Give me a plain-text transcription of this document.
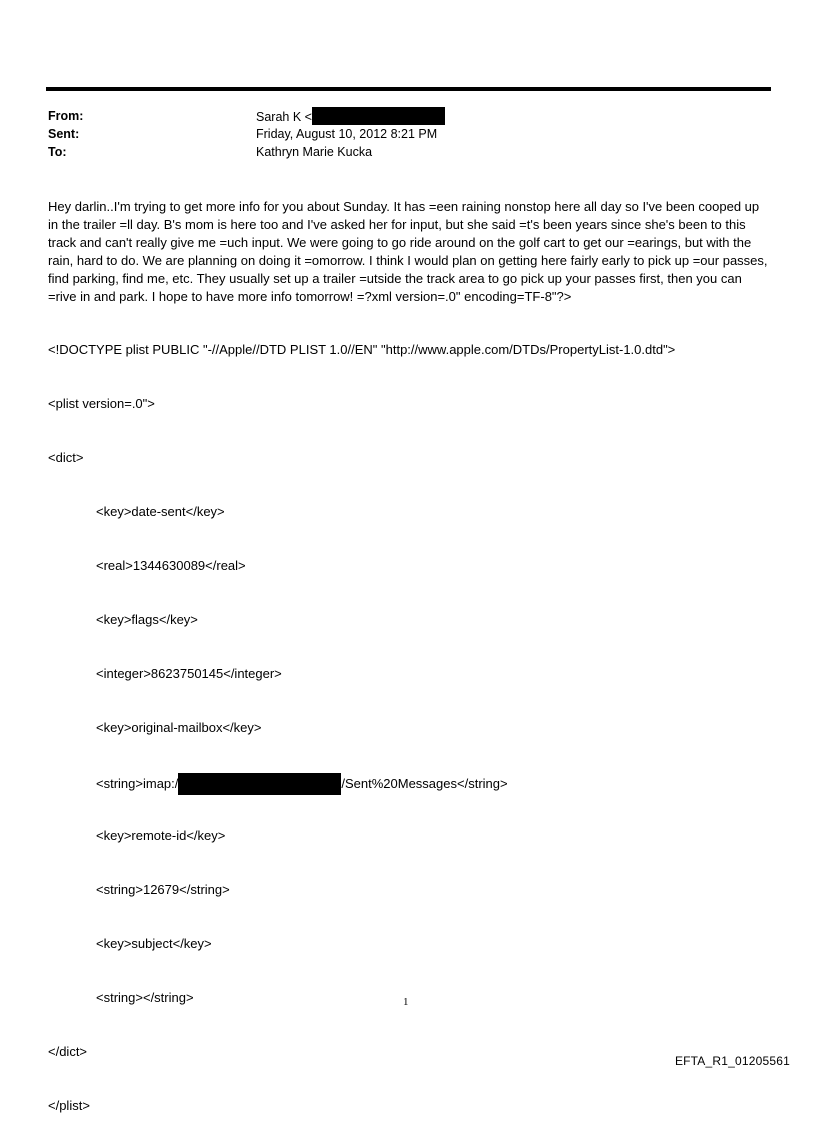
From:	Sarah K <
Sent:	Friday, August 10, 2012 8:21 PM
To:	Kathryn Marie Kucka

Hey darlin..I'm trying to get more info for you about Sunday. It has =een raining nonstop here all day so I've been cooped up in the trailer =ll day. B's mom is here too and I've asked her for input, but she said =t's been years since she's been to this track and can't really give me =uch input. We were going to go ride around on the golf cart to get our =earings, but with the rain, hard to do. We are planning on doing it =omorrow. I think I would plan on getting here fairly early to pick up =our passes, find parking, find me, etc. They usually set up a trailer =utside the track area to go pick up your passes first, then you can =rive in and park. I hope to have more info tomorrow! =?xml version=.0" encoding=TF-8"?>

<!DOCTYPE plist PUBLIC "-//Apple//DTD PLIST 1.0//EN" "http://www.apple.com/DTDs/PropertyList-1.0.dtd">

<plist version=.0">

<dict>

<key>date-sent</key>

<real>1344630089</real>

<key>flags</key>

<integer>8623750145</integer>

<key>original-mailbox</key>

<string>imap:/	/Sent%20Messages</string>

<key>remote-id</key>

<string>12679</string>

<key>subject</key>

<string></string>

</dict>

</plist>

1
EFTA_R1_01205561
